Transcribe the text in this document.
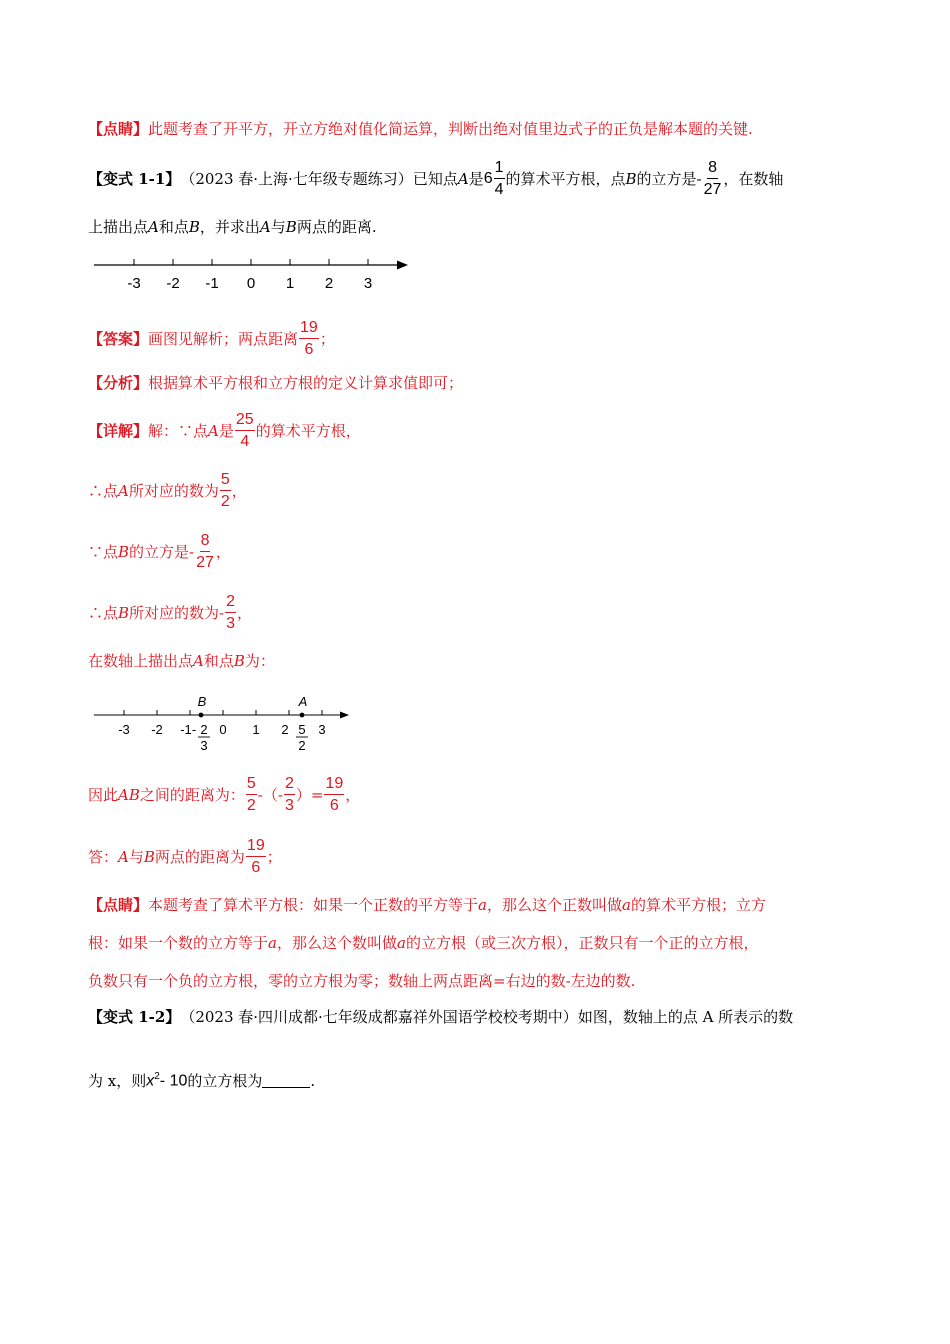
【点睛】 此题考查了开平方，开立方绝对值化简运算，判断出绝对值里边式子的正负是解本题的关键.
【变式 1-1】 （2023 春·上海·七年级专题练习） 已知点 A 是 $6 \frac{1}{4}$ 的算术平方根，点 B 的立方是- $\frac{8}{27}$ ，在数轴
上描出点 A 和点 B ，并求出 A 与 B 两点的距离.
-3 -2 -1 0 1 2 3
【答案】 画图见解析；两点距离 $\frac{19}{6}$ ；
【分析】 根据算术平方根和立方根的定义计算求值即可；
【详解】 解：∵点 A 是 $\frac{25}{4}$ 的算术平方根，
∴点 A 所对应的数为 $\frac{5}{2}$ ，
∵点 B 的立方是- $\frac{8}{27}$ ，
∴点 B 所对应的数为- $\frac{2}{3}$ ，
在数轴上描出点 A 和点 B 为：
-3 -2 -1 0 1 2 3
B	A
- 2
3
5
2
因此 AB 之间的距离为： $\frac{5}{2}$ -（- $\frac{2}{3}$ ）= $\frac{19}{6}$ ，
答： A 与 B 两点的距离为 $\frac{19}{6}$ ；
【点睛】 本题考查了算术平方根：如果一个正数的平方等于 a ，那么这个正数叫做 a 的算术平方根；立方
根：如果一个数的立方等于 a ，那么这个数叫做 a 的立方根（或三次方根），正数只有一个正的立方根，
负数只有一个负的立方根，零的立方根为零；数轴上两点距离=右边的数-左边的数.
【变式 1-2】 （2023 春·四川成都·七年级成都嘉祥外国语学校校考期中） 如图，数轴上的点 A 所表示的数
为 x，则 $x^2-$ 10 的立方根为	.
